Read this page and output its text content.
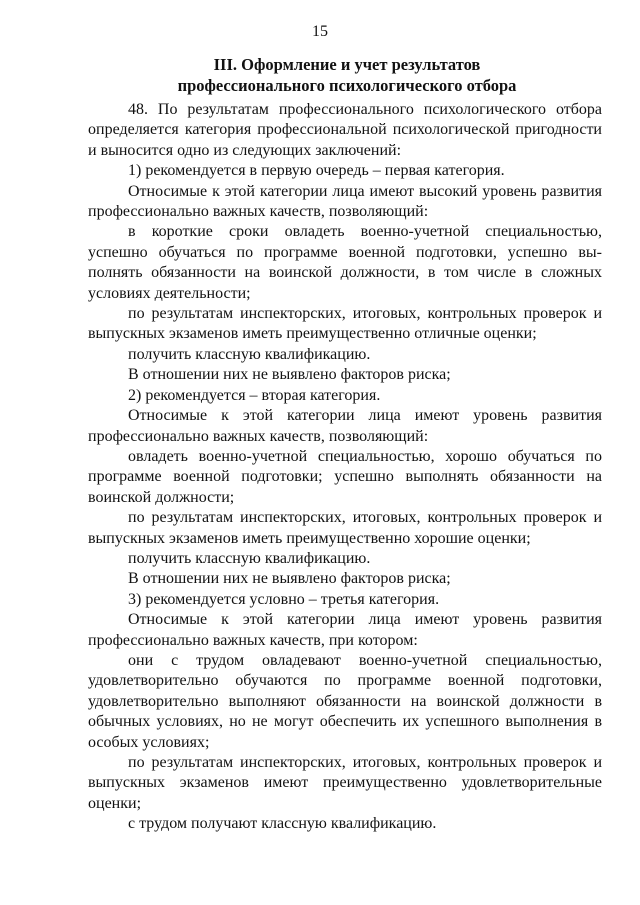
15
III. Оформление и учет результатов
профессионального психологического отбора

48. По результатам профессионального психологического отбора определяется категория профессиональной психологической пригодности и выносится одно из следующих заключений:

1) рекомендуется в первую очередь – первая категория.

Относимые к этой категории лица имеют высокий уровень развития профессионально важных качеств, позволяющий:

в короткие сроки овладеть военно-учетной специальностью, успешно обучаться по программе военной подготовки, успешно выполнять обязанности на воинской должности, в том числе в сложных условиях деятельности;

по результатам инспекторских, итоговых, контрольных проверок и выпускных экзаменов иметь преимущественно отличные оценки;

получить классную квалификацию.

В отношении них не выявлено факторов риска;

2) рекомендуется – вторая категория.

Относимые к этой категории лица имеют уровень развития профессионально важных качеств, позволяющий:

овладеть военно-учетной специальностью, хорошо обучаться по программе военной подготовки; успешно выполнять обязанности на воинской должности;

по результатам инспекторских, итоговых, контрольных проверок и выпускных экзаменов иметь преимущественно хорошие оценки;

получить классную квалификацию.

В отношении них не выявлено факторов риска;

3) рекомендуется условно – третья категория.

Относимые к этой категории лица имеют уровень развития профессионально важных качеств, при котором:

они с трудом овладевают военно-учетной специальностью, удовлетворительно обучаются по программе военной подготовки, удовлетворительно выполняют обязанности на воинской должности в обычных условиях, но не могут обеспечить их успешного выполнения в особых условиях;

по результатам инспекторских, итоговых, контрольных проверок и выпускных экзаменов имеют преимущественно удовлетворительные оценки;

с трудом получают классную квалификацию.
